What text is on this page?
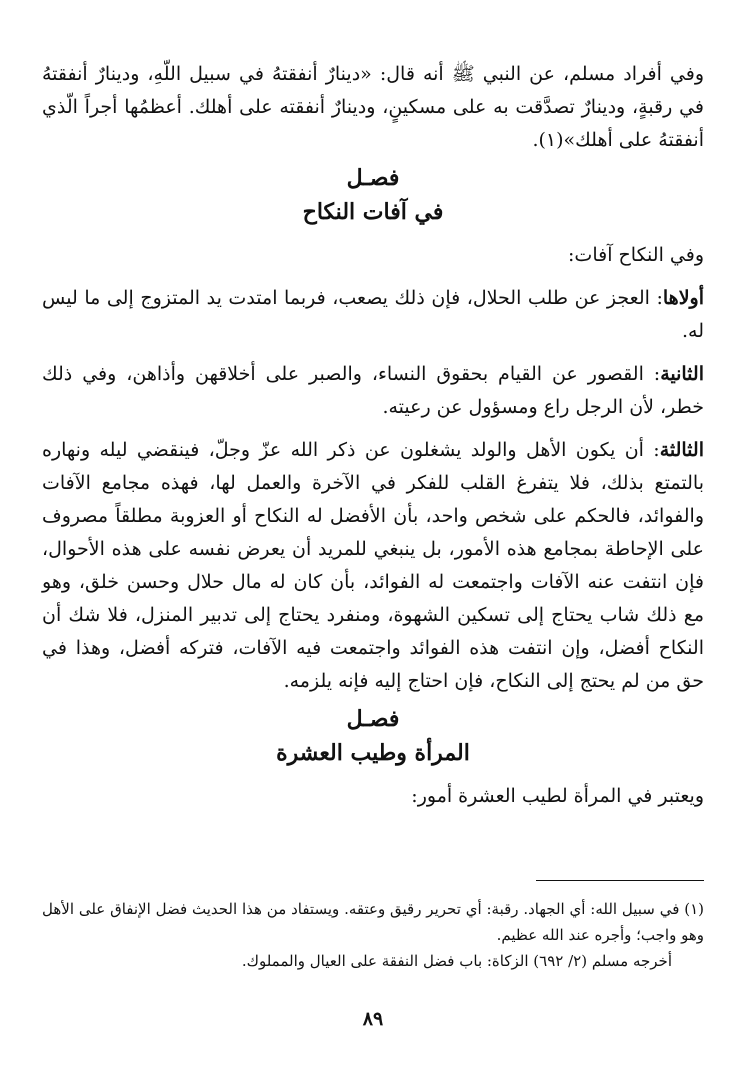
وفي أفراد مسلم، عن النبي ﷺ أنه قال: «دينارٌ أنفقتهُ في سبيل اللّهِ، ودينارٌ أنفقتهُ في رقبةٍ، ودينارٌ تصدَّقت به على مسكينٍ، ودينارٌ أنفقته على أهلك. أعظمُها أجراً الّذي أنفقتهُ على أهلك»(١).

فصـل
في آفات النكاح

وفي النكاح آفات:

أولاها: العجز عن طلب الحلال، فإن ذلك يصعب، فربما امتدت يد المتزوج إلى ما ليس له.

الثانية: القصور عن القيام بحقوق النساء، والصبر على أخلاقهن وأذاهن، وفي ذلك خطر، لأن الرجل راع ومسؤول عن رعيته.

الثالثة: أن يكون الأهل والولد يشغلون عن ذكر الله عزّ وجلّ، فينقضي ليله ونهاره بالتمتع بذلك، فلا يتفرغ القلب للفكر في الآخرة والعمل لها، فهذه مجامع الآفات والفوائد، فالحكم على شخص واحد، بأن الأفضل له النكاح أو العزوبة مطلقاً مصروف على الإحاطة بمجامع هذه الأمور، بل ينبغي للمريد أن يعرض نفسه على هذه الأحوال، فإن انتفت عنه الآفات واجتمعت له الفوائد، بأن كان له مال حلال وحسن خلق، وهو مع ذلك شاب يحتاج إلى تسكين الشهوة، ومنفرد يحتاج إلى تدبير المنزل، فلا شك أن النكاح أفضل، وإن انتفت هذه الفوائد واجتمعت فيه الآفات، فتركه أفضل، وهذا في حق من لم يحتج إلى النكاح، فإن احتاج إليه فإنه يلزمه.

فصـل
المرأة وطيب العشرة

ويعتبر في المرأة لطيب العشرة أمور:

(١) في سبيل الله: أي الجهاد. رقبة: أي تحرير رقيق وعتقه. ويستفاد من هذا الحديث فضل الإنفاق على الأهل وهو واجب؛ وأجره عند الله عظيم.

أخرجه مسلم (٢/ ٦٩٢) الزكاة: باب فضل النفقة على العيال والمملوك.

٨٩
